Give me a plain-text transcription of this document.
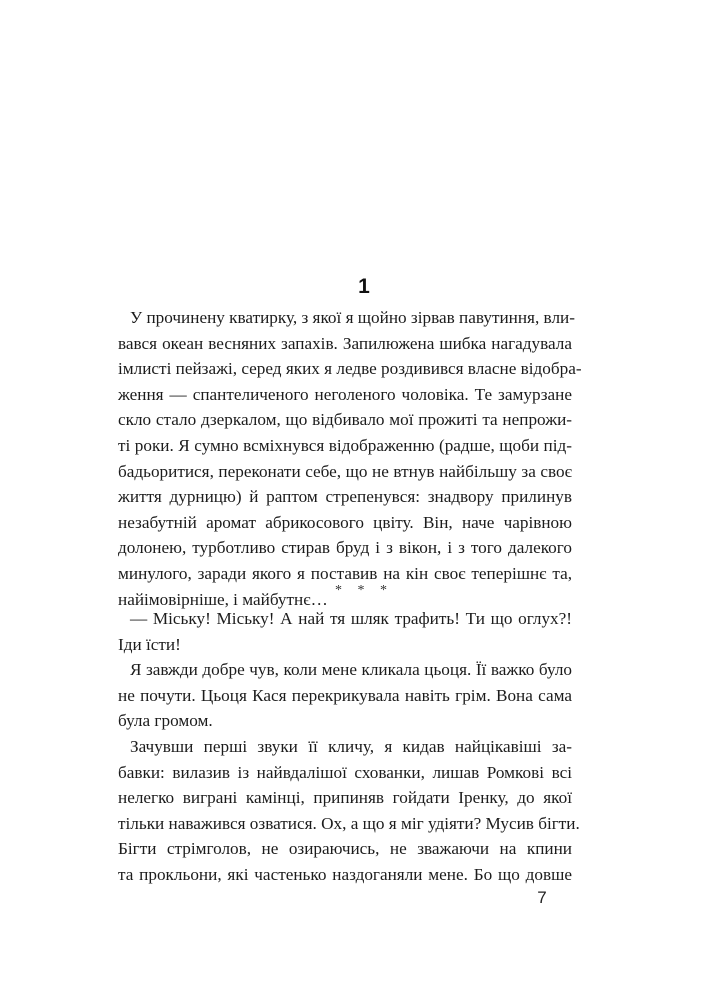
1
У прочинену кватирку, з якої я щойно зірвав павутиння, вли-
вався океан весняних запахів. Запилюжена шибка нагадувала
імлисті пейзажі, серед яких я ледве роздивився власне відобра-
ження — спантеличеного неголеного чоловіка. Те замурзане
скло стало дзеркалом, що відбивало мої прожиті та непрожи-
ті роки. Я сумно всміхнувся відображенню (радше, щоби під-
бадьоритися, переконати себе, що не втнув найбільшу за своє
життя дурницю) й раптом стрепенувся: знадвору прилинув
незабутній аромат абрикосового цвіту. Він, наче чарівною
долонею, турботливо стирав бруд і з вікон, і з того далекого
минулого, заради якого я поставив на кін своє теперішнє та,
найімовірніше, і майбутнє… * * *
— Міську! Міську! А най тя шляк трафить! Ти що оглух?!
Іди їсти!
Я завжди добре чув, коли мене кликала цьоця. Її важко було
не почути. Цьоця Кася перекрикувала навіть грім. Вона сама
була громом.
Зачувши перші звуки її кличу, я кидав найцікавіші за-
бавки: вилазив із найвдалішої схованки, лишав Ромкові всі
нелегко виграні камінці, припиняв гойдати Іренку, до якої
тільки наважився озватися. Ох, а що я міг удіяти? Мусив бігти.
Бігти стрімголов, не озираючись, не зважаючи на кпини
та прокльони, які частенько наздоганяли мене. Бо що довше
7
